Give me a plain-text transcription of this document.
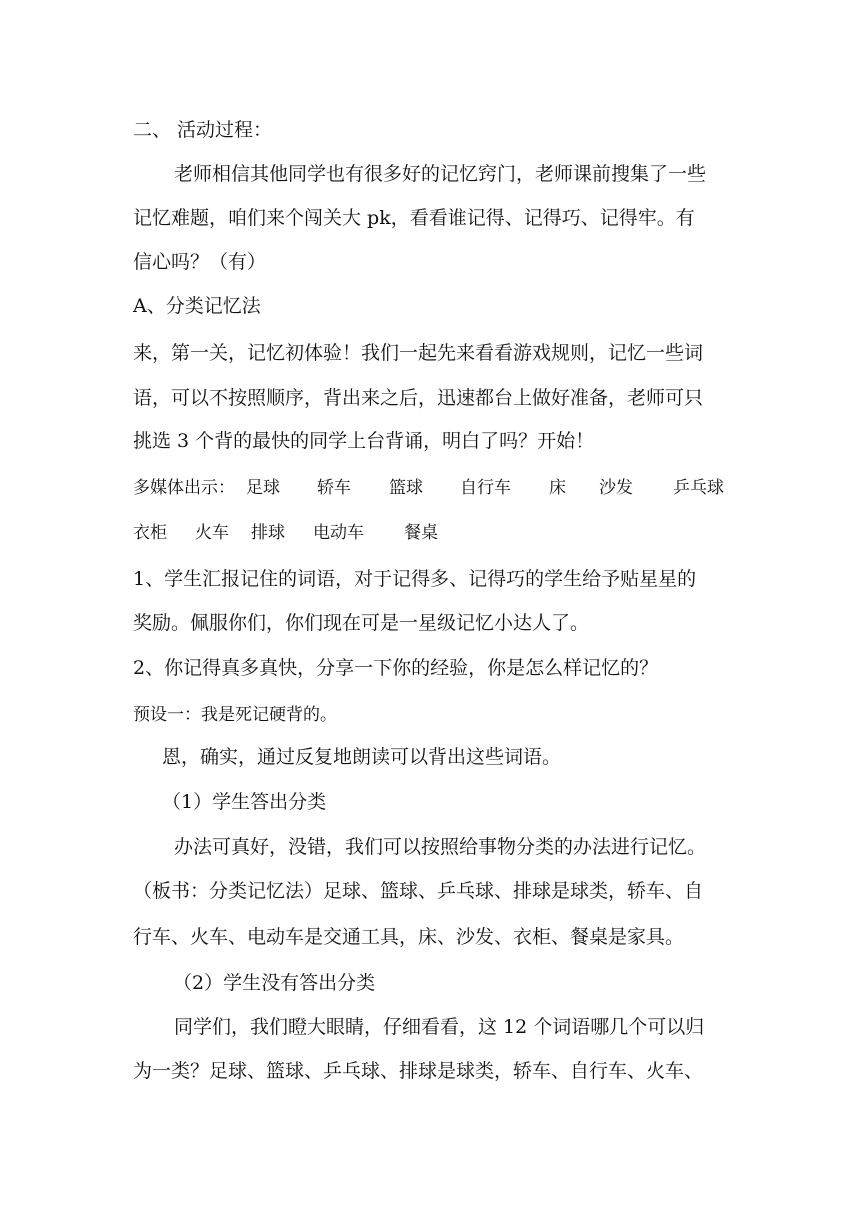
二、 活动过程：

老师相信其他同学也有很多好的记忆窍门，老师课前搜集了一些

记忆难题，咱们来个闯关大 pk，看看谁记得、记得巧、记得牢。有

信心吗？（有）

A、分类记忆法

来，第一关，记忆初体验！我们一起先来看看游戏规则，记忆一些词

语，可以不按照顺序，背出来之后，迅速都台上做好准备，老师可只

挑选 3 个背的最快的同学上台背诵，明白了吗？开始！

多媒体出示： 足球 轿车 篮球 自行车 床 沙发 乒乓球
衣柜 火车 排球 电动车 餐桌

1、学生汇报记住的词语，对于记得多、记得巧的学生给予贴星星的

奖励。佩服你们，你们现在可是一星级记忆小达人了。

2、你记得真多真快，分享一下你的经验，你是怎么样记忆的？

预设一：我是死记硬背的。

恩，确实，通过反复地朗读可以背出这些词语。

（1）学生答出分类

办法可真好，没错，我们可以按照给事物分类的办法进行记忆。

（板书：分类记忆法）足球、篮球、乒乓球、排球是球类，轿车、自

行车、火车、电动车是交通工具，床、沙发、衣柜、餐桌是家具。

（2）学生没有答出分类

同学们，我们瞪大眼睛，仔细看看，这 12 个词语哪几个可以归

为一类？足球、篮球、乒乓球、排球是球类，轿车、自行车、火车、
